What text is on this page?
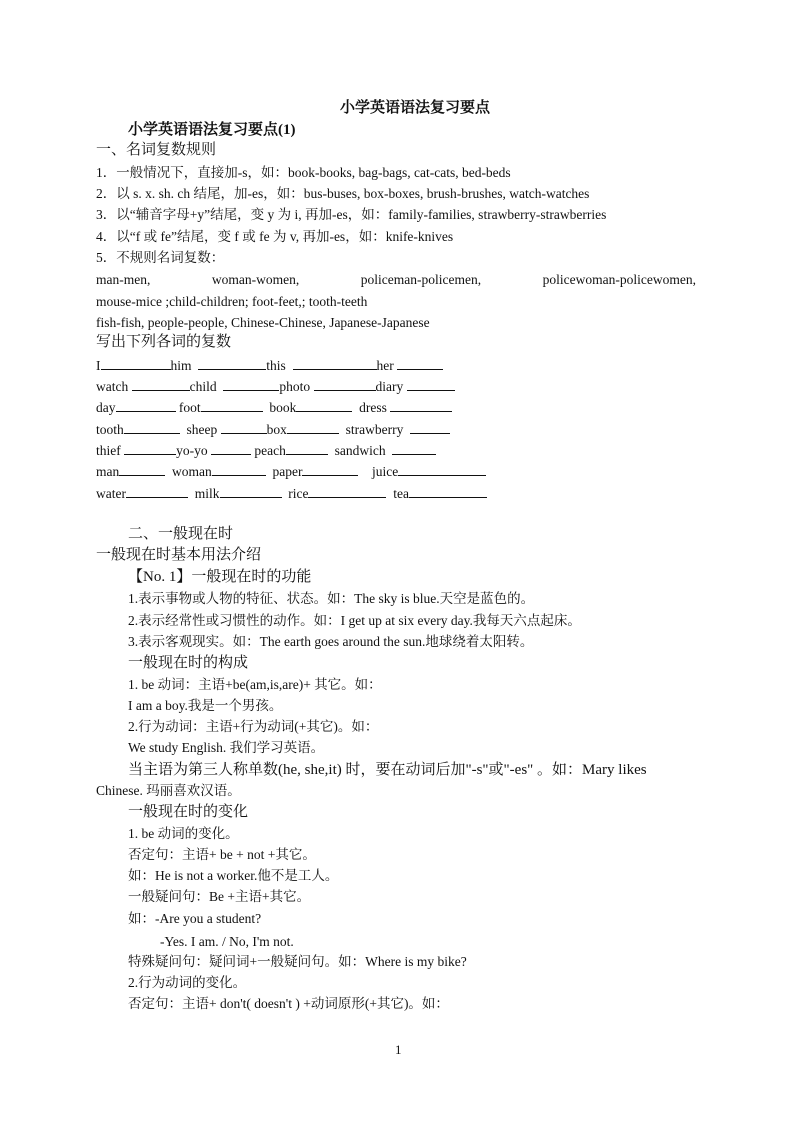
小学英语语法复习要点
小学英语语法复习要点(1)
一、名词复数规则
1．一般情况下，直接加-s，如：book-books, bag-bags, cat-cats, bed-beds
2．以 s. x. sh. ch 结尾，加-es，如：bus-buses, box-boxes, brush-brushes, watch-watches
3．以“辅音字母+y”结尾，变 y 为 i, 再加-es，如：family-families, strawberry-strawberries
4．以“f 或 fe”结尾，变 f 或 fe 为 v, 再加-es，如：knife-knives
5．不规则名词复数：
man-men,	woman-women,	policeman-policemen,	policewoman-policewomen,
mouse-mice ;child-children; foot-feet,; tooth-teeth
fish-fish, people-people, Chinese-Chinese, Japanese-Japanese
写出下列各词的复数
I	him	this	her
watch	child	photo	diary
day	foot	book	dress
tooth	sheep	box	strawberry
thief	yo-yo	peach	sandwich
man	woman	paper	juice
water	milk	rice	tea
二、一般现在时
一般现在时基本用法介绍
【No. 1】一般现在时的功能
1.表示事物或人物的特征、状态。如：The sky is blue.天空是蓝色的。
2.表示经常性或习惯性的动作。如：I get up at six every day.我每天六点起床。
3.表示客观现实。如：The earth goes around the sun.地球绕着太阳转。
一般现在时的构成
1. be 动词：主语+be(am,is,are)+ 其它。如：
I am a boy.我是一个男孩。
2.行为动词：主语+行为动词(+其它)。如：
We study English. 我们学习英语。
当主语为第三人称单数(he, she,it) 时，要在动词后加"-s"或"-es" 。如：Mary likes
Chinese. 玛丽喜欢汉语。
一般现在时的变化
1. be 动词的变化。
否定句：主语+ be + not +其它。
如：He is not a worker.他不是工人。
一般疑问句：Be +主语+其它。
如：-Are you a student?
-Yes. I am. / No, I'm not.
特殊疑问句：疑问词+一般疑问句。如：Where is my bike?
2.行为动词的变化。
否定句：主语+ don't( doesn't ) +动词原形(+其它)。如：
1
